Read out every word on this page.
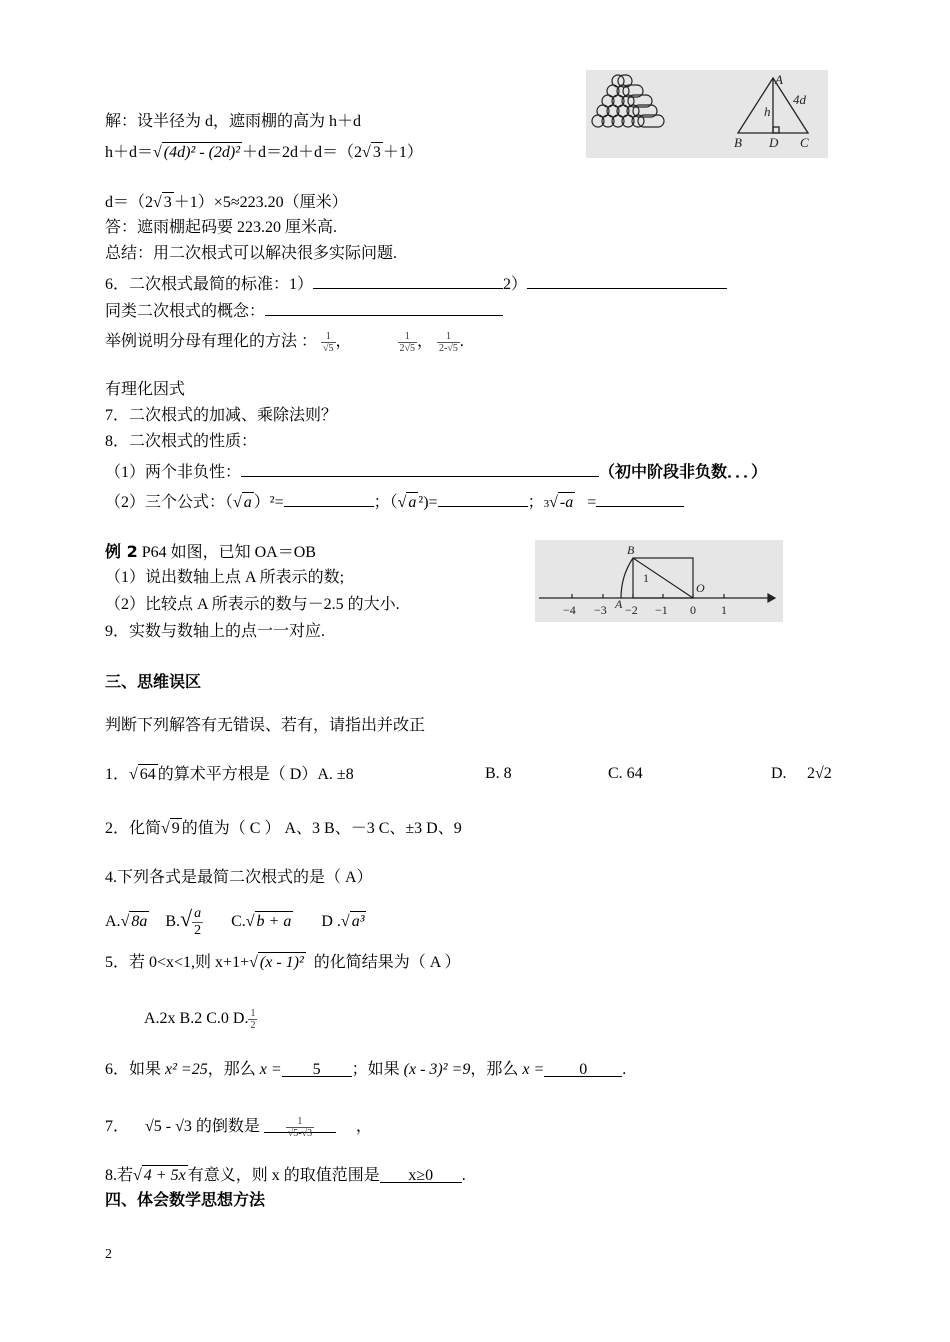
A
4d
h
B D C
B
1
O
A
−4 −3 −2 −1 0 1
解：设半径为 d，遮雨棚的高为 h＋d
h＋d＝√ (4d)² - (2d)² ＋d＝2d＋d＝（2√ 3 ＋1）
d＝（2√ 3 ＋1）×5≈223.20（厘米）
答：遮雨棚起码要 223.20 厘米高.
总结：用二次根式可以解决很多实际问题.
6．二次根式最简的标准：1）	2）
同类二次根式的概念：
举例说明分母有理化的方法 ： $\frac{1}{√5}$ ，	$\frac{1}{2√5}$ ， $\frac{1}{2-√5}$ .
有理化因式
7．二次根式的加减、乘除法则？
8．二次根式的性质：
（1）两个非负性：	（初中阶段非负数．．．）
（2）三个公式：（√ a ）²=	；（√ a ²)=	；3√ -a =
例 2 P64 如图，已知 OA＝OB
（1）说出数轴上点 A 所表示的数;
（2）比较点 A 所表示的数与－2.5 的大小.
9．实数与数轴上的点一一对应.
三、思维误区
判断下列解答有无错误、若有，请指出并改正
1．√ 64 的算术平方根是（ D）A. ±8	B. 8	C. 64	D. 2√2
2．化简√ 9 的值为（ C ） A、3 B、－3 C、±3 D、9
4.下列各式是最简二次根式的是（ A）
A.√ 8a $B.√ \frac{a}{2} C.√$ b + a D .√ a³
5．若 0<x<1,则 x+1+√ (x - 1)² 的化简结果为（ A ）
A.2x B.2 C.0 D. $\frac{1}{2}$
6．如果 x² =25，那么 x = 5 ；如果 (x - 3)² =9，那么 x = 0 .
7． √5 - √3 的倒数是	$\frac{1}{√5-√3}$	，
8.若√ 4 + 5x 有意义，则 x 的取值范围是 x≥0 .
四、体会数学思想方法
2
